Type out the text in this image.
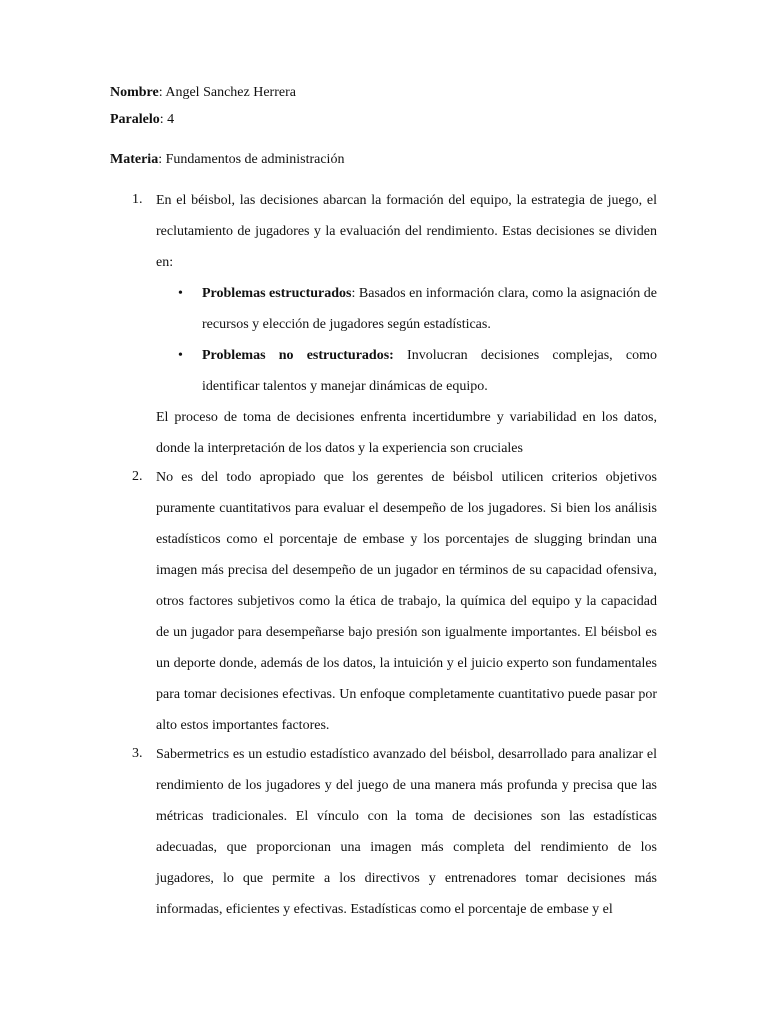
Nombre: Angel Sanchez Herrera
Paralelo: 4
Materia: Fundamentos de administración
1. En el béisbol, las decisiones abarcan la formación del equipo, la estrategia de juego, el reclutamiento de jugadores y la evaluación del rendimiento. Estas decisiones se dividen en:
• Problemas estructurados: Basados en información clara, como la asignación de recursos y elección de jugadores según estadísticas.
• Problemas no estructurados: Involucran decisiones complejas, como identificar talentos y manejar dinámicas de equipo.
El proceso de toma de decisiones enfrenta incertidumbre y variabilidad en los datos, donde la interpretación de los datos y la experiencia son cruciales
2. No es del todo apropiado que los gerentes de béisbol utilicen criterios objetivos puramente cuantitativos para evaluar el desempeño de los jugadores. Si bien los análisis estadísticos como el porcentaje de embase y los porcentajes de slugging brindan una imagen más precisa del desempeño de un jugador en términos de su capacidad ofensiva, otros factores subjetivos como la ética de trabajo, la química del equipo y la capacidad de un jugador para desempeñarse bajo presión son igualmente importantes. El béisbol es un deporte donde, además de los datos, la intuición y el juicio experto son fundamentales para tomar decisiones efectivas. Un enfoque completamente cuantitativo puede pasar por alto estos importantes factores.
3. Sabermetrics es un estudio estadístico avanzado del béisbol, desarrollado para analizar el rendimiento de los jugadores y del juego de una manera más profunda y precisa que las métricas tradicionales. El vínculo con la toma de decisiones son las estadísticas adecuadas, que proporcionan una imagen más completa del rendimiento de los jugadores, lo que permite a los directivos y entrenadores tomar decisiones más informadas, eficientes y efectivas. Estadísticas como el porcentaje de embase y el
